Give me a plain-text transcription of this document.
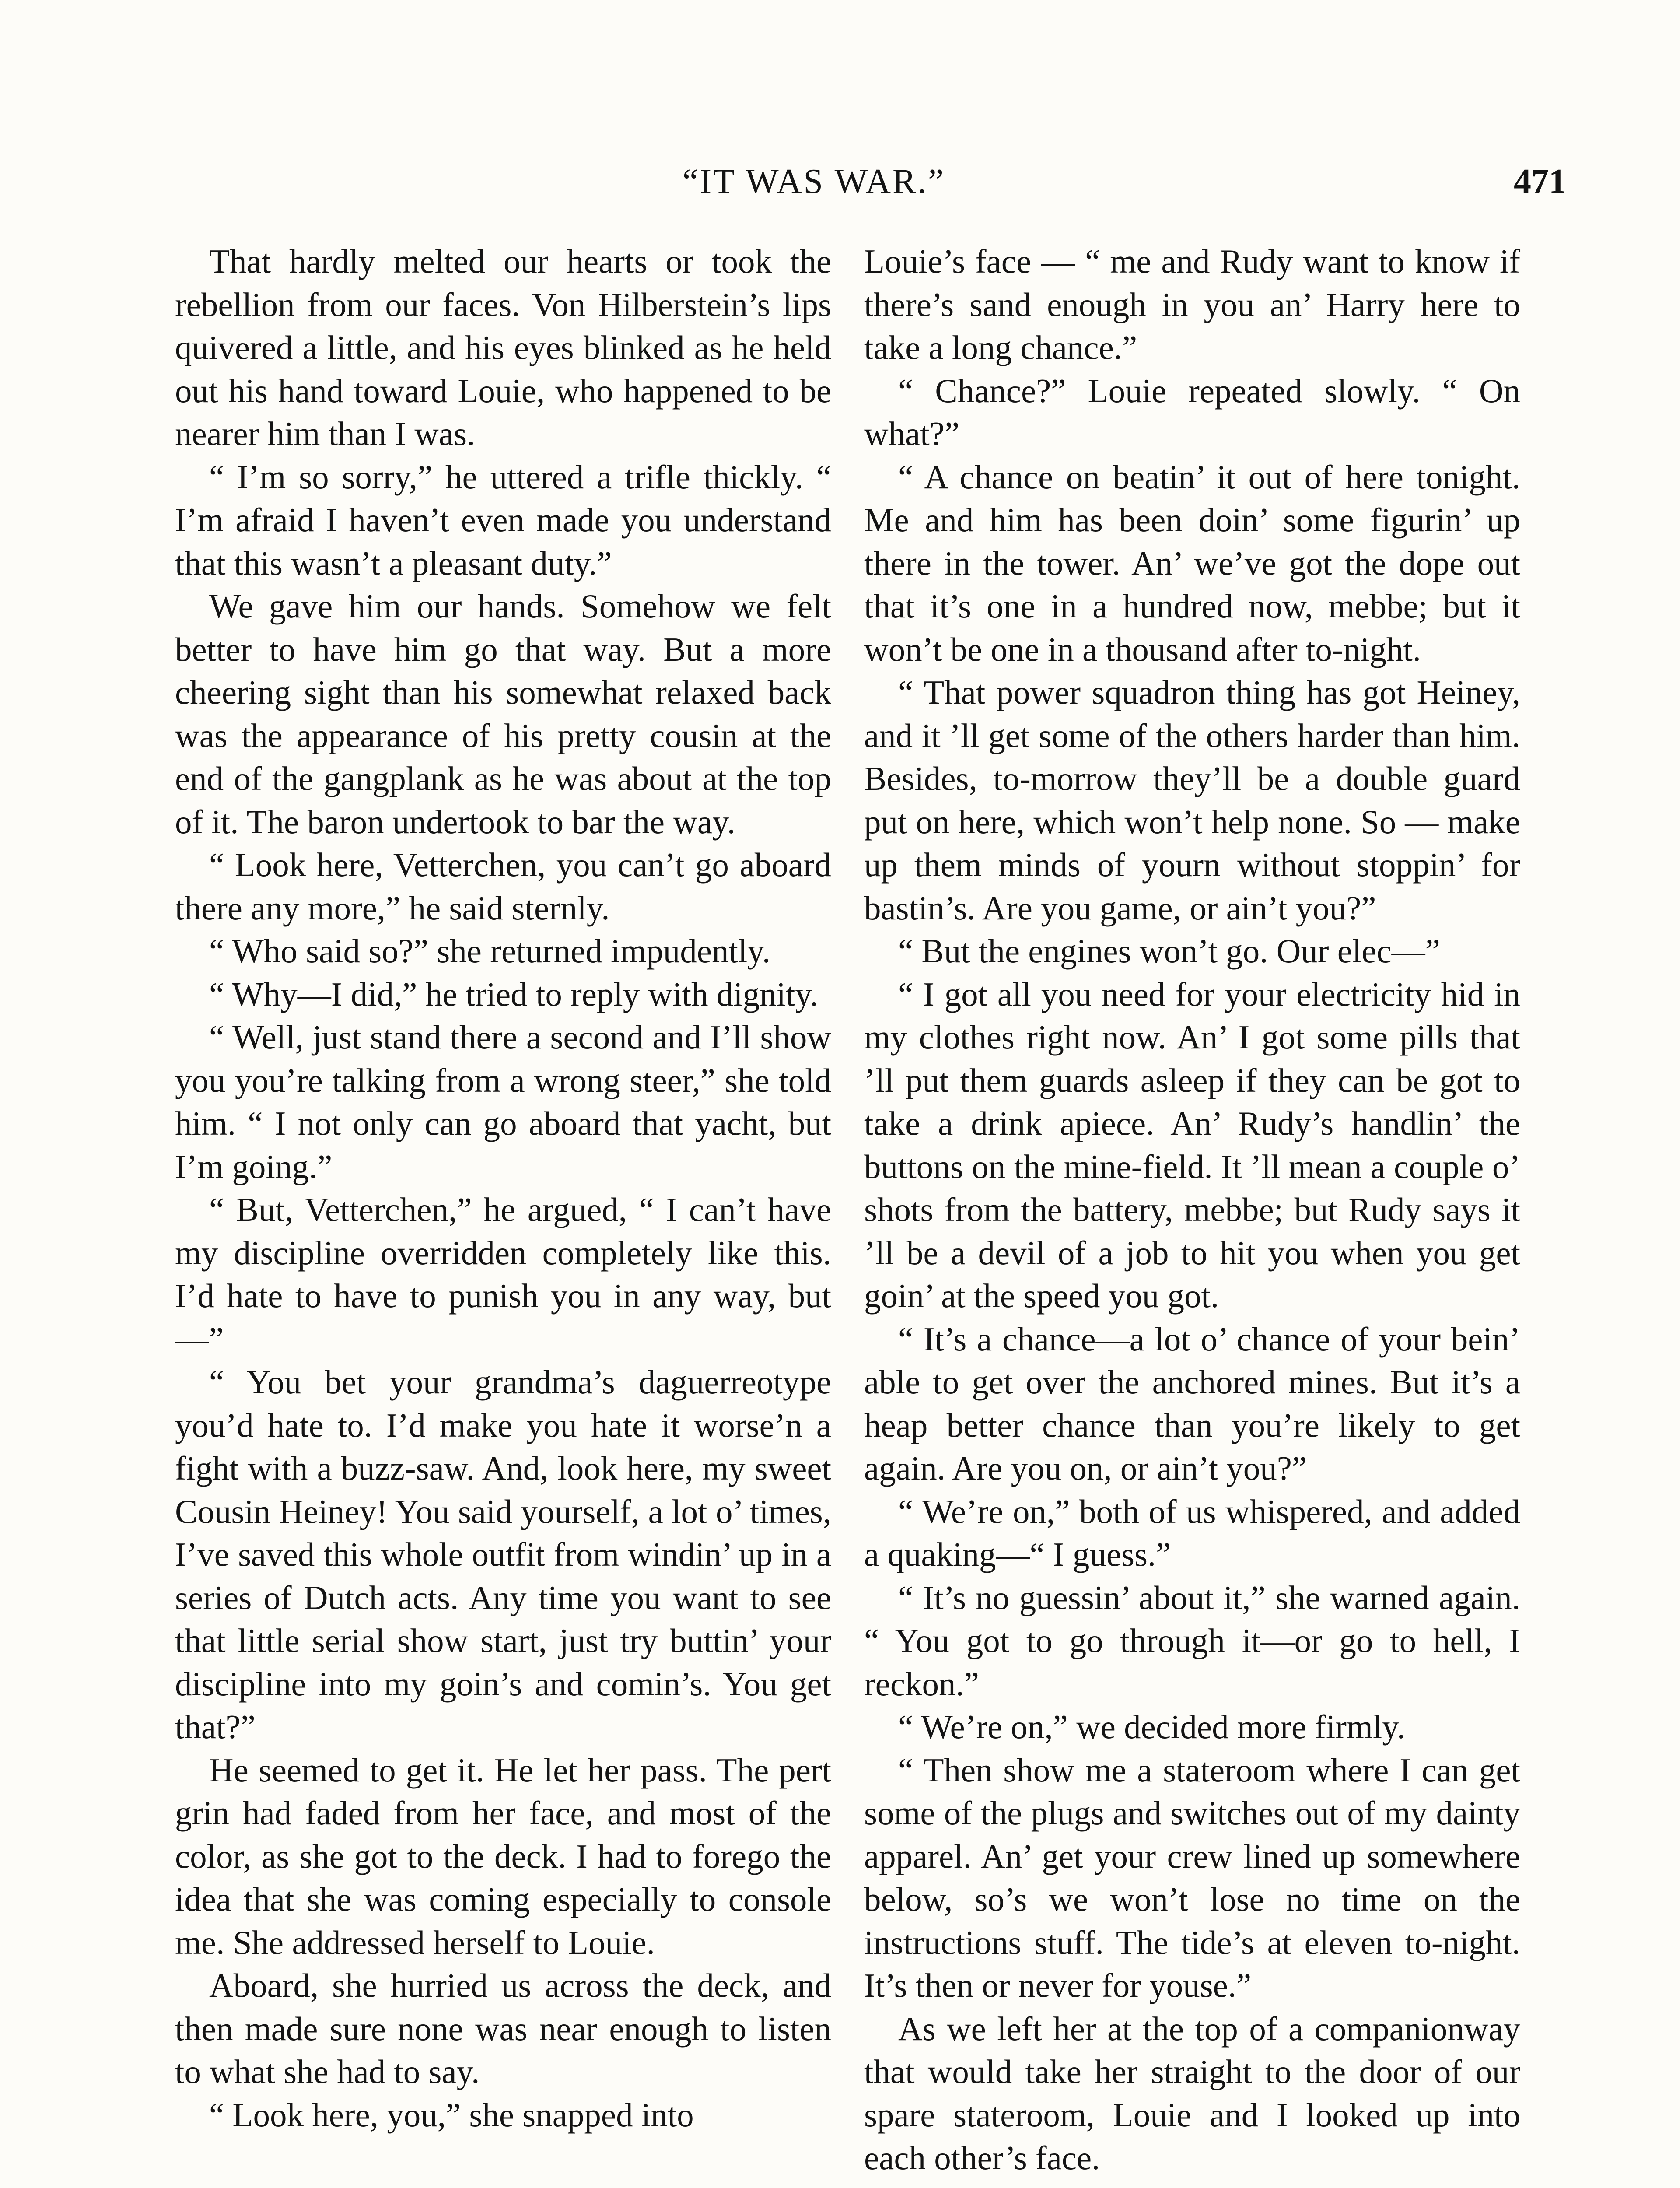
“IT WAS WAR.”	471

That hardly melted our hearts or took the rebellion from our faces. Von Hilberstein’s lips quivered a little, and his eyes blinked as he held out his hand toward Louie, who happened to be nearer him than I was.

“ I’m so sorry,” he uttered a trifle thickly. “ I’m afraid I haven’t even made you understand that this wasn’t a pleasant duty.”

We gave him our hands. Somehow we felt better to have him go that way. But a more cheering sight than his somewhat relaxed back was the appearance of his pretty cousin at the end of the gangplank as he was about at the top of it. The baron undertook to bar the way.

“ Look here, Vetterchen, you can’t go aboard there any more,” he said sternly.

“ Who said so?” she returned impudently.

“ Why—I did,” he tried to reply with dignity.

“ Well, just stand there a second and I’ll show you you’re talking from a wrong steer,” she told him. “ I not only can go aboard that yacht, but I’m going.”

“ But, Vetterchen,” he argued, “ I can’t have my discipline overridden completely like this. I’d hate to have to punish you in any way, but—”

“ You bet your grandma’s daguerreotype you’d hate to. I’d make you hate it worse’n a fight with a buzz-saw. And, look here, my sweet Cousin Heiney! You said yourself, a lot o’ times, I’ve saved this whole outfit from windin’ up in a series of Dutch acts. Any time you want to see that little serial show start, just try buttin’ your discipline into my goin’s and comin’s. You get that?”

He seemed to get it. He let her pass. The pert grin had faded from her face, and most of the color, as she got to the deck. I had to forego the idea that she was coming especially to console me. She addressed herself to Louie.

Aboard, she hurried us across the deck, and then made sure none was near enough to listen to what she had to say.

“ Look here, you,” she snapped into

Louie’s face — “ me and Rudy want to know if there’s sand enough in you an’ Harry here to take a long chance.”

“ Chance?” Louie repeated slowly. “ On what?”

“ A chance on beatin’ it out of here tonight. Me and him has been doin’ some figurin’ up there in the tower. An’ we’ve got the dope out that it’s one in a hundred now, mebbe; but it won’t be one in a thousand after to-night.

“ That power squadron thing has got Heiney, and it ’ll get some of the others harder than him. Besides, to-morrow they’ll be a double guard put on here, which won’t help none. So — make up them minds of yourn without stoppin’ for bastin’s. Are you game, or ain’t you?”

“ But the engines won’t go. Our elec—”

“ I got all you need for your electricity hid in my clothes right now. An’ I got some pills that ’ll put them guards asleep if they can be got to take a drink apiece. An’ Rudy’s handlin’ the buttons on the mine-field. It ’ll mean a couple o’ shots from the battery, mebbe; but Rudy says it ’ll be a devil of a job to hit you when you get goin’ at the speed you got.

“ It’s a chance—a lot o’ chance of your bein’ able to get over the anchored mines. But it’s a heap better chance than you’re likely to get again. Are you on, or ain’t you?”

“ We’re on,” both of us whispered, and added a quaking—“ I guess.”

“ It’s no guessin’ about it,” she warned again. “ You got to go through it—or go to hell, I reckon.”

“ We’re on,” we decided more firmly.

“ Then show me a stateroom where I can get some of the plugs and switches out of my dainty apparel. An’ get your crew lined up somewhere below, so’s we won’t lose no time on the instructions stuff. The tide’s at eleven to-night. It’s then or never for youse.”

As we left her at the top of a companionway that would take her straight to the door of our spare stateroom, Louie and I looked up into each other’s face.
